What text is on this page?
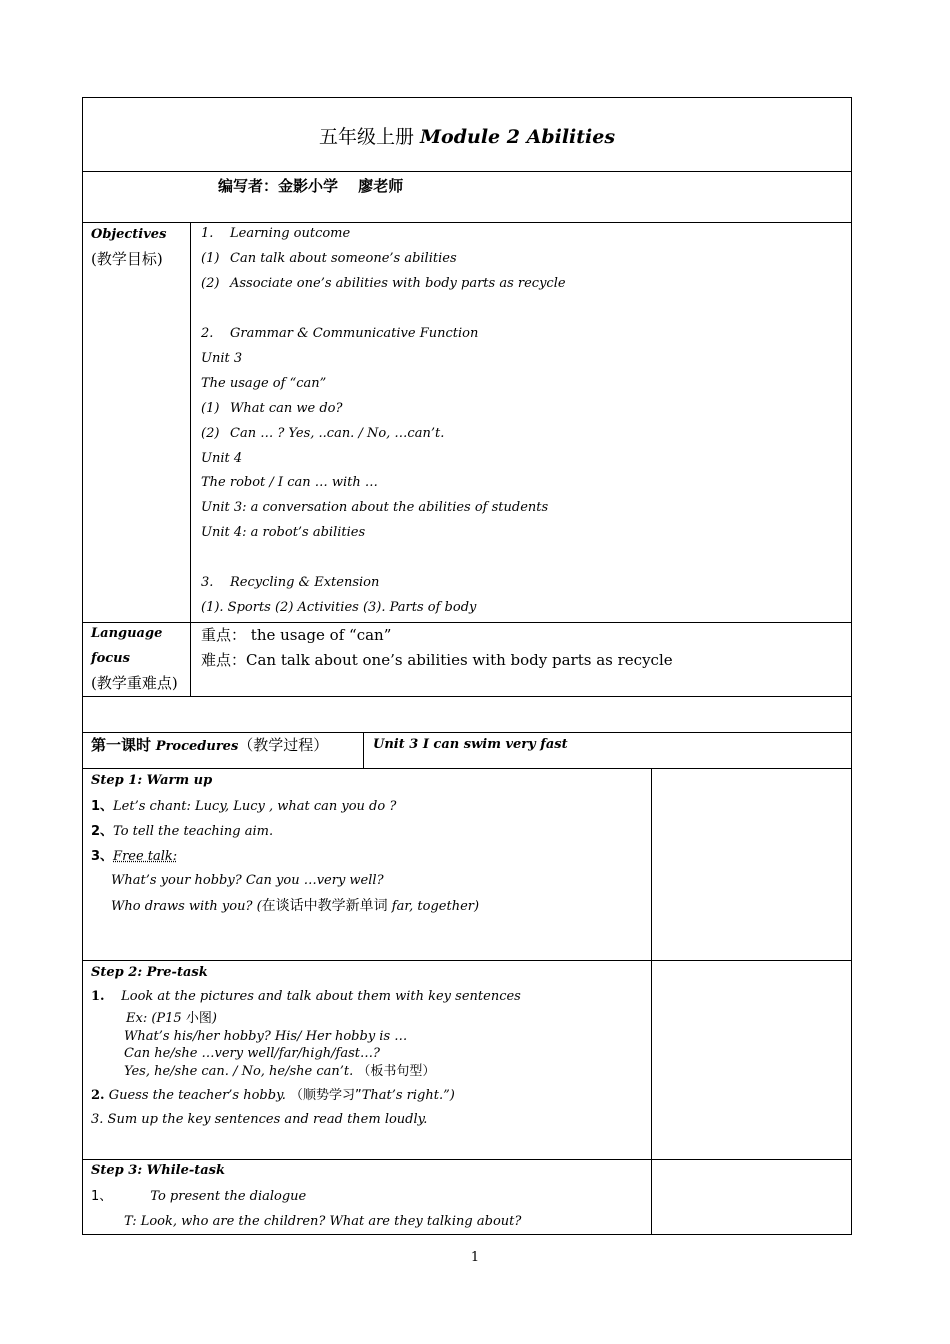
五年级上册 Module 2 Abilities
编写者：金影小学　 廖老师
Objectives
(教学目标)
1. Learning outcome
(1) Can talk about someone’s abilities
(2) Associate one’s abilities with body parts as recycle
2. Grammar & Communicative Function
Unit 3
The usage of “can”
(1) What can we do?
(2) Can … ? Yes, ..can. / No, …can’t.
Unit 4
The robot / I can … with …
Unit 3: a conversation about the abilities of students
Unit 4: a robot’s abilities
3. Recycling & Extension
(1). Sports (2) Activities (3). Parts of body
Language
focus
(教学重难点)
重点： the usage of “can”
难点：Can talk about one’s abilities with body parts as recycle
第一课时 Procedures（教学过程）	Unit 3 I can swim very fast
Step 1: Warm up
1、Let’s chant: Lucy, Lucy , what can you do ?
2、To tell the teaching aim.
3、Free talk:
What’s your hobby? Can you …very well?
Who draws with you? (在谈话中教学新单词 far, together)
Step 2: Pre-task
1. Look at the pictures and talk about them with key sentences
Ex: (P15 小图)
What’s his/her hobby? His/ Her hobby is …
Can he/she …very well/far/high/fast…?
Yes, he/she can. / No, he/she can’t. （板书句型）
2. Guess the teacher’s hobby. （顺势学习”That’s right.”)
3. Sum up the key sentences and read them loudly.
Step 3: While-task
1、	To present the dialogue
T: Look, who are the children? What are they talking about?
1
